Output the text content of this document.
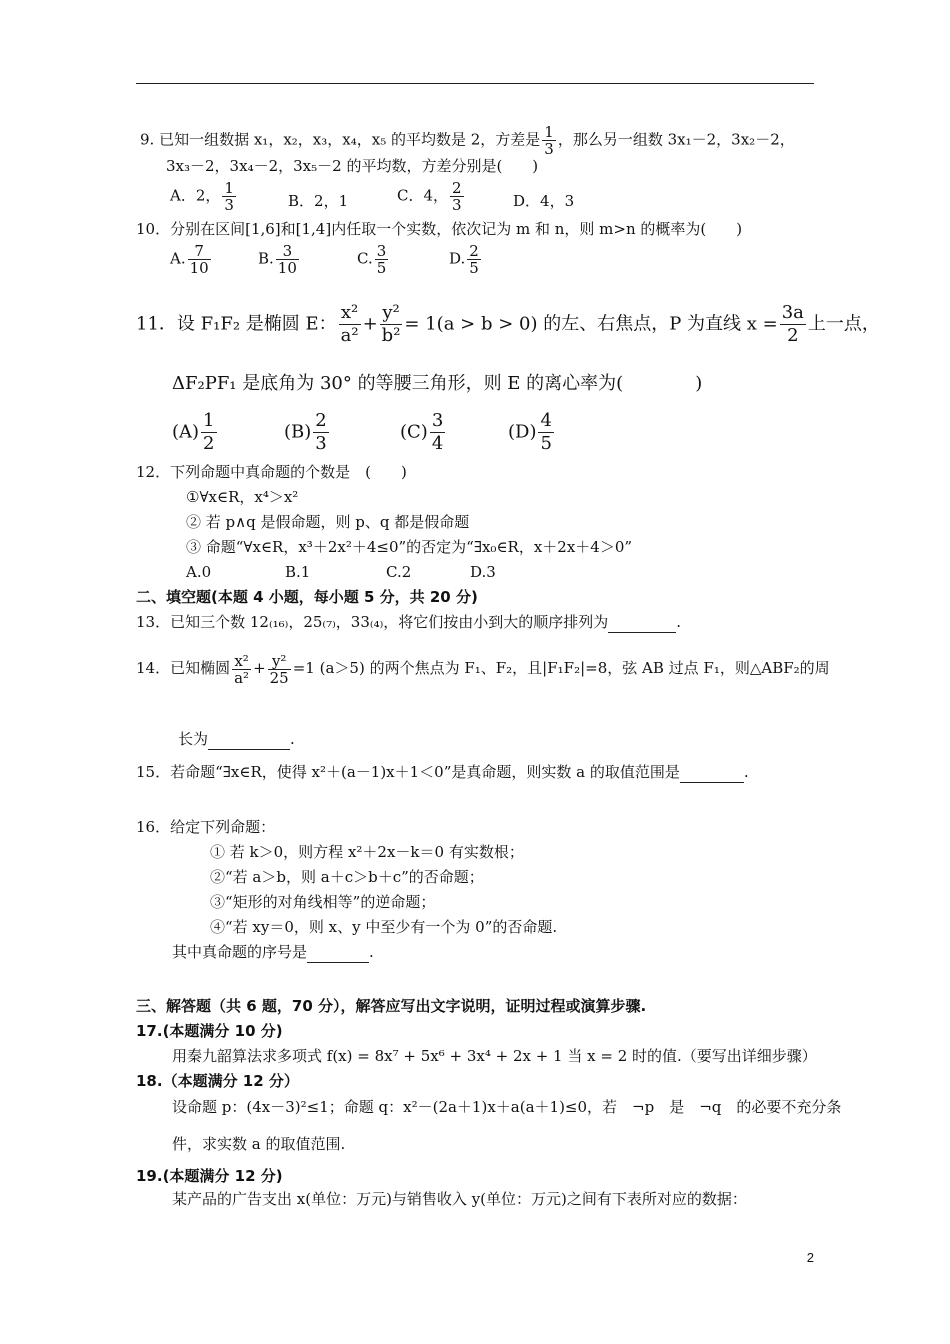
9. 已知一组数据 x₁，x₂，x₃，x₄，x₅ 的平均数是 2，方差是 $\frac{1}{3}$ ，那么另一组数 3x₁－2，3x₂－2，
3x₃－2，3x₄－2，3x₅－2 的平均数，方差分别是(　　)
A．2， $\frac{1}{3}$	B．2，1	C．4， $\frac{2}{3}$	D．4，3
10．分别在区间[1,6]和[1,4]内任取一个实数，依次记为 m 和 n，则 m>n 的概率为(　　)
A. $\frac{7}{10}$	B. $\frac{3}{10}$	C. $\frac{3}{5}$	D. $\frac{2}{5}$
11．设 F₁F₂ 是椭圆 E： $\frac{\text{x²}}{\text{a²}} + \frac{\text{y²}}{\text{b²}} = 1(a > b > 0)$ 的左、右焦点，P 为直线 $x = \frac{3a}{2}$ 上一点，
ΔF₂PF₁ 是底角为 30° 的等腰三角形，则 E 的离心率为(　　　　)
$(A) \frac{1}{2}$	$(B) \frac{2}{3}$	$(C) \frac{3}{4}$	$(D) \frac{4}{5}$
12．下列命题中真命题的个数是　(　　)
①∀x∈R，x⁴＞x²
② 若 p∧q 是假命题，则 p、q 都是假命题
③ 命题“∀x∈R，x³＋2x²＋4≤0”的否定为“∃x₀∈R，x＋2x＋4＞0”
A.0	B.1	C.2	D.3
二、填空题(本题 4 小题，每小题 5 分，共 20 分)
13．已知三个数 12₍₁₆₎，25₍₇₎，33₍₄₎，将它们按由小到大的顺序排列为	.
14．已知椭圆 $\frac{\text{x²}}{\text{a²}} + \frac{\text{y²}}{25} =1$ (a＞5) 的两个焦点为 F₁、F₂，且|F₁F₂|=8，弦 AB 过点 F₁，则△ABF₂的周
长为	.
15．若命题“∃x∈R，使得 x²＋(a－1)x＋1＜0”是真命题，则实数 a 的取值范围是	.
16．给定下列命题：
① 若 k＞0，则方程 x²＋2x－k＝0 有实数根；
②“若 a＞b，则 a＋c＞b＋c”的否命题；
③“矩形的对角线相等”的逆命题；
④“若 xy＝0，则 x、y 中至少有一个为 0”的否命题.
其中真命题的序号是	.
三、解答题（共 6 题，70 分），解答应写出文字说明，证明过程或演算步骤.
17.(本题满分 10 分)
用秦九韶算法求多项式 f(x) = 8x⁷ + 5x⁶ + 3x⁴ + 2x + 1 当 x = 2 时的值.（要写出详细步骤）
18.（本题满分 12 分）
设命题 p：(4x－3)²≤1；命题 q：x²－(2a＋1)x＋a(a＋1)≤0，若　¬p　是　¬q　的必要不充分条
件，求实数 a 的取值范围.
19.(本题满分 12 分)
某产品的广告支出 x(单位：万元)与销售收入 y(单位：万元)之间有下表所对应的数据：
2
